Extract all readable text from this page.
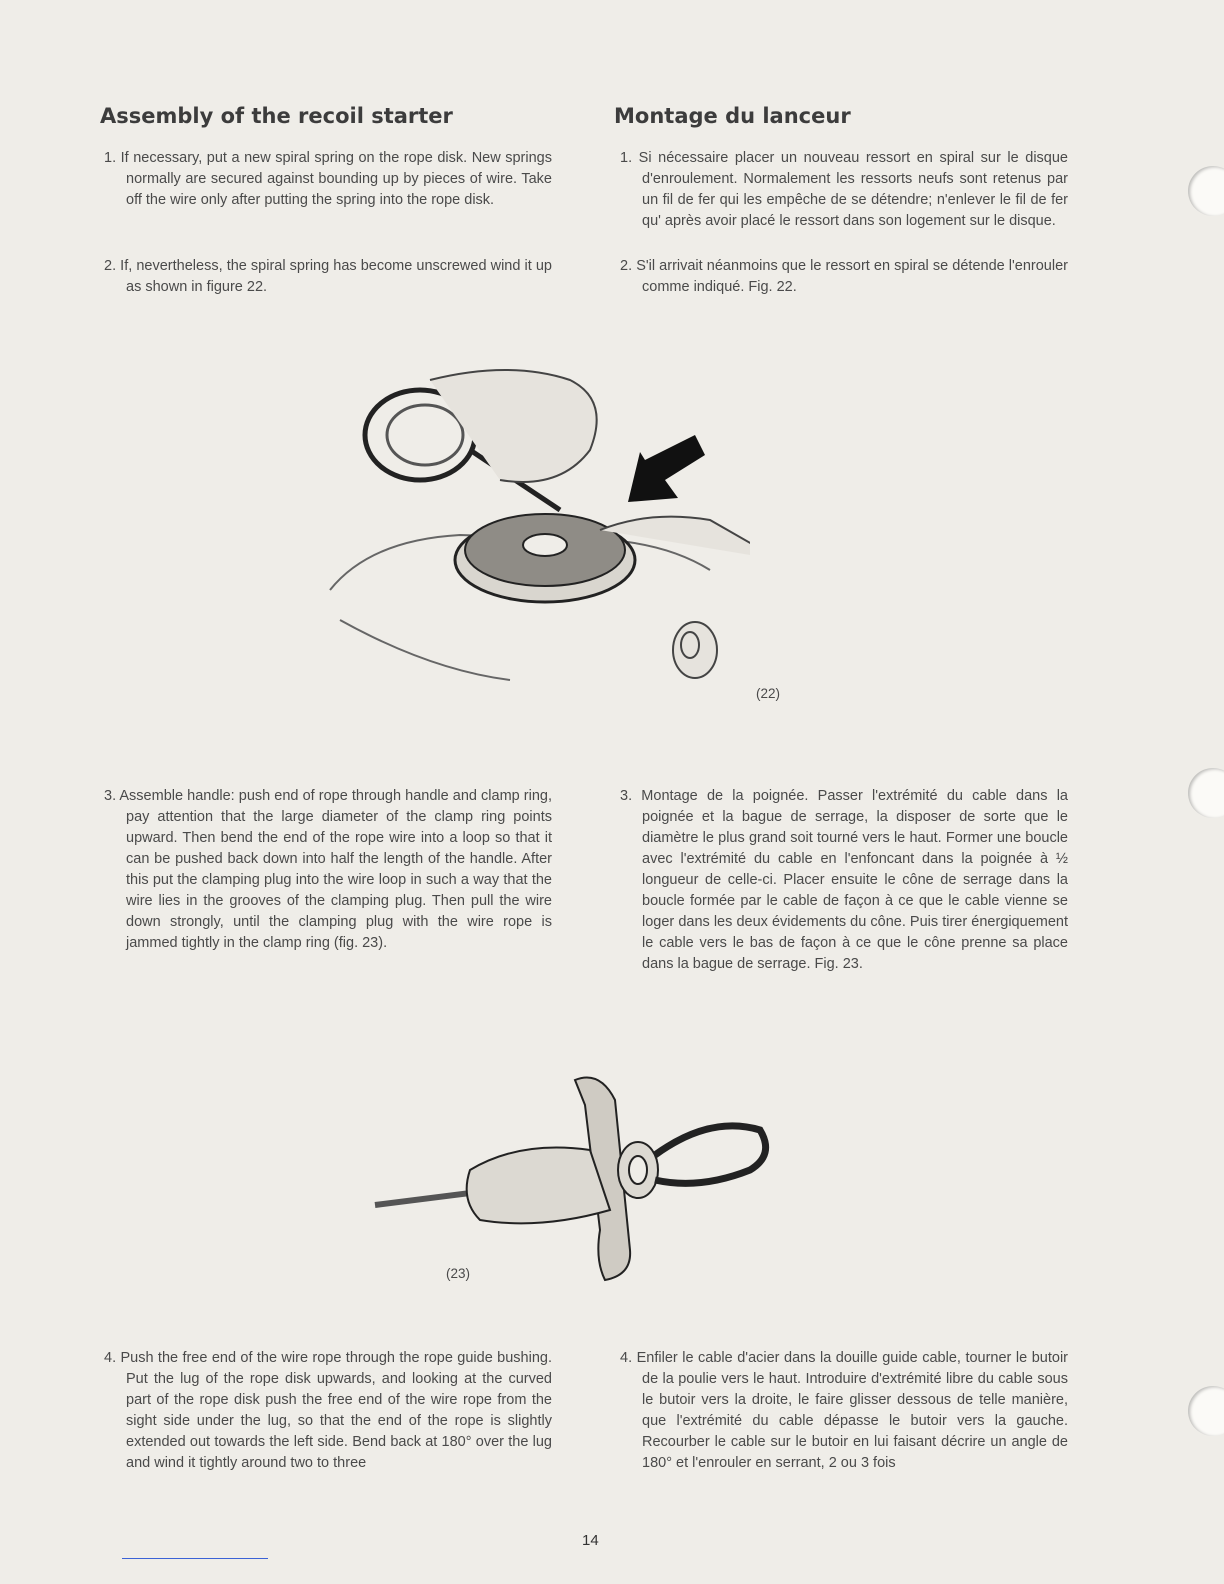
Assembly of the recoil starter	Montage du lanceur

1. If necessary, put a new spiral spring on the rope disk. New springs normally are secured against bounding up by pieces of wire. Take off the wire only after putting the spring into the rope disk.

2. If, nevertheless, the spiral spring has become unscrewed wind it up as shown in figure 22.

3. Assemble handle: push end of rope through handle and clamp ring, pay attention that the large diameter of the clamp ring points upward. Then bend the end of the rope wire into a loop so that it can be pushed back down into half the length of the handle. After this put the clamping plug into the wire loop in such a way that the wire lies in the grooves of the clamping plug. Then pull the wire down strongly, until the clamping plug with the wire rope is jammed tightly in the clamp ring (fig. 23).

4. Push the free end of the wire rope through the rope guide bushing. Put the lug of the rope disk upwards, and looking at the curved part of the rope disk push the free end of the wire rope from the sight side under the lug, so that the end of the rope is slightly extended out towards the left side. Bend back at 180° over the lug and wind it tightly around two to three

1. Si nécessaire placer un nouveau ressort en spiral sur le disque d'enroulement. Normalement les ressorts neufs sont retenus par un fil de fer qui les empêche de se détendre; n'enlever le fil de fer qu' après avoir placé le ressort dans son logement sur le disque.

2. S'il arrivait néanmoins que le ressort en spiral se détende l'enrouler comme indiqué. Fig. 22.

3. Montage de la poignée. Passer l'extrémité du cable dans la poignée et la bague de serrage, la disposer de sorte que le diamètre le plus grand soit tourné vers le haut. Former une boucle avec l'extrémité du cable en l'enfoncant dans la poignée à ½ longueur de celle-ci. Placer ensuite le cône de serrage dans la boucle formée par le cable de façon à ce que le cable vienne se loger dans les deux évidements du cône. Puis tirer énergiquement le cable vers le bas de façon à ce que le cône prenne sa place dans la bague de serrage. Fig. 23.

4. Enfiler le cable d'acier dans la douille guide cable, tourner le butoir de la poulie vers le haut. Introduire d'extrémité libre du cable sous le butoir vers la droite, le faire glisser dessous de telle manière, que l'extrémité du cable dépasse le butoir vers la gauche. Recourber le cable sur le butoir en lui faisant décrire un angle de 180° et l'enrouler en serrant, 2 ou 3 fois

(22)
(23)
14
